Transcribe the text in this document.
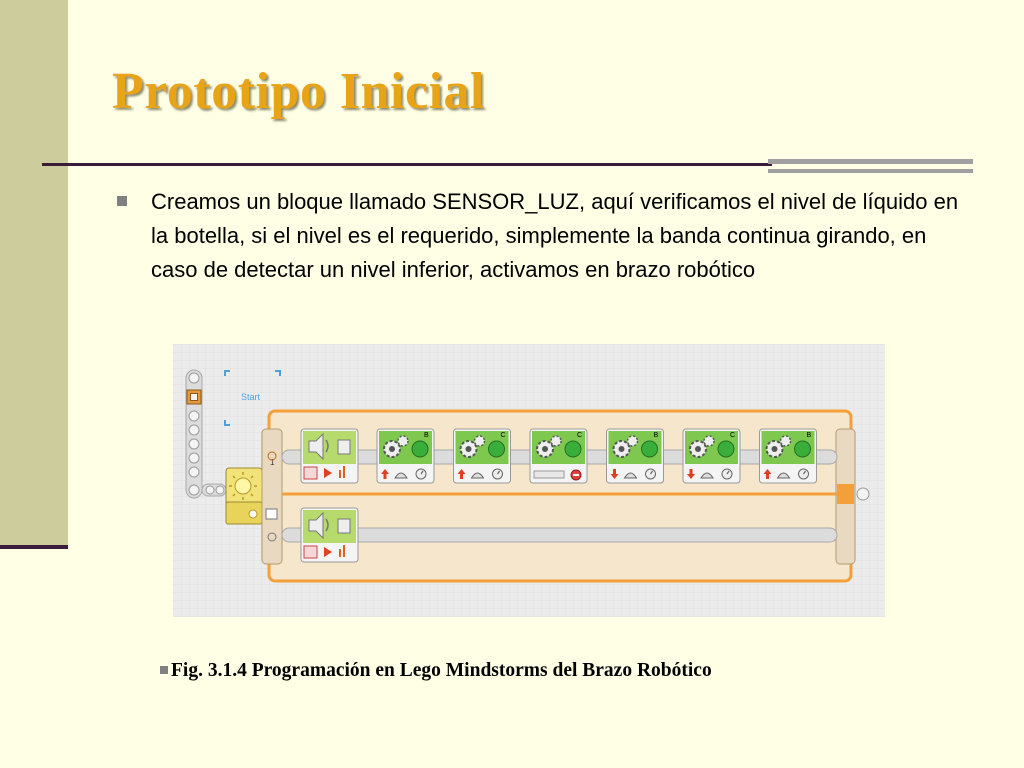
Prototipo Inicial

Creamos un bloque llamado SENSOR_LUZ, aquí verificamos el nivel de líquido en la botella, si el nivel es el requerido, simplemente la banda continua girando, en caso de detectar un nivel inferior, activamos en brazo robótico

Start
1
B	C	C	B	C	B
Fig. 3.1.4 Programación en Lego Mindstorms del Brazo Robótico
